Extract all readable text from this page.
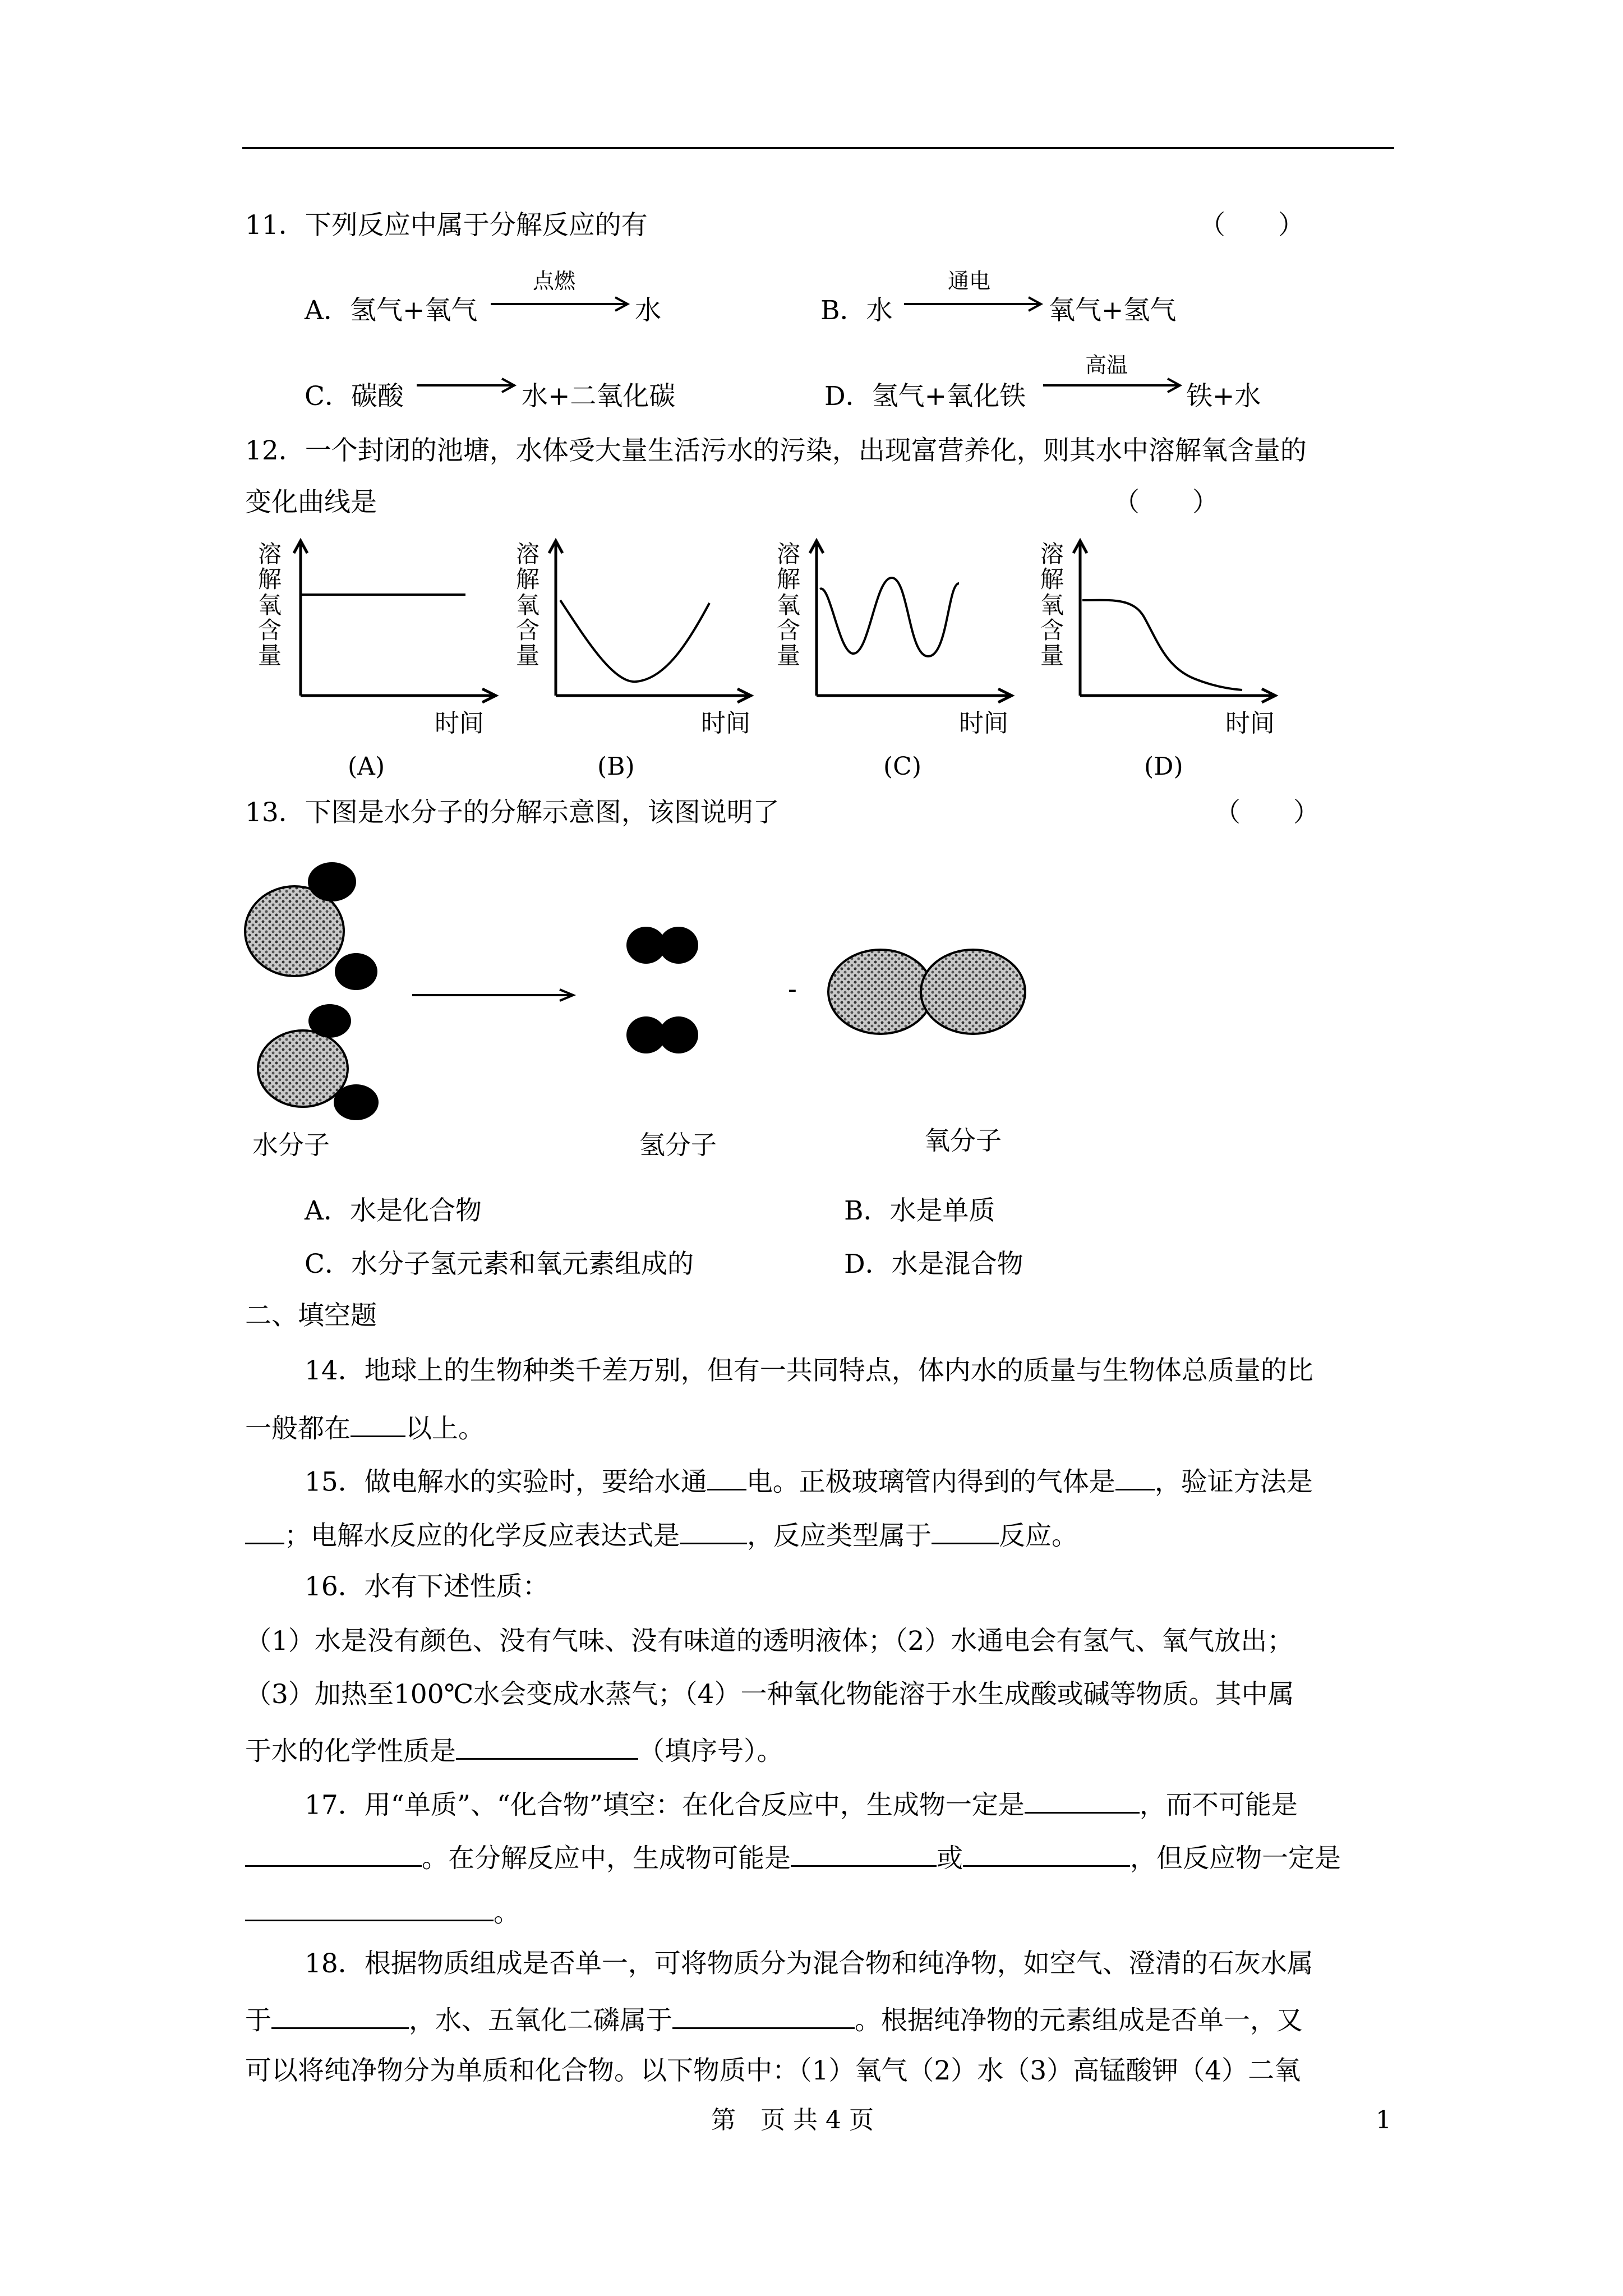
11．下列反应中属于分解反应的有	（　　）
A．氢气+氧气
点燃
水	B．水
通电
氧气+氢气
C．碳酸	水+二氧化碳	D．氢气+氧化铁
高温
铁+水
12．一个封闭的池塘，水体受大量生活污水的污染，出现富营养化，则其水中溶解氧含量的
变化曲线是	（　　）
溶解氧含量
时间
(A)
溶解氧含量
时间
(B)
溶解氧含量
时间
(C)
溶解氧含量
时间
(D)
13．下图是水分子的分解示意图，该图说明了	（　　）
-
水分子	氢分子	氧分子
A．水是化合物	B．水是单质
C．水分子氢元素和氧元素组成的	D．水是混合物
二、填空题
14．地球上的生物种类千差万别，但有一共同特点，体内水的质量与生物体总质量的比
一般都在 以上。
15．做电解水的实验时，要给水通 电。正极玻璃管内得到的气体是 ，验证方法是
；电解水反应的化学反应表达式是	，反应类型属于	反应。
16．水有下述性质：
（1）水是没有颜色、没有气味、没有味道的透明液体；（2）水通电会有氢气、氧气放出；
（3）加热至100℃水会变成水蒸气；（4）一种氧化物能溶于水生成酸或碱等物质。其中属
于水的化学性质是	（填序号）。
17．用“单质”、“化合物”填空：在化合反应中，生成物一定是	，而不可能是
。在分解反应中，生成物可能是	或	，但反应物一定是
。
18．根据物质组成是否单一，可将物质分为混合物和纯净物，如空气、澄清的石灰水属
于	，水、五氧化二磷属于	。根据纯净物的元素组成是否单一，又
可以将纯净物分为单质和化合物。以下物质中：（1）氧气（2）水（3）高锰酸钾（4）二氧
第　页 共 4 页	1
